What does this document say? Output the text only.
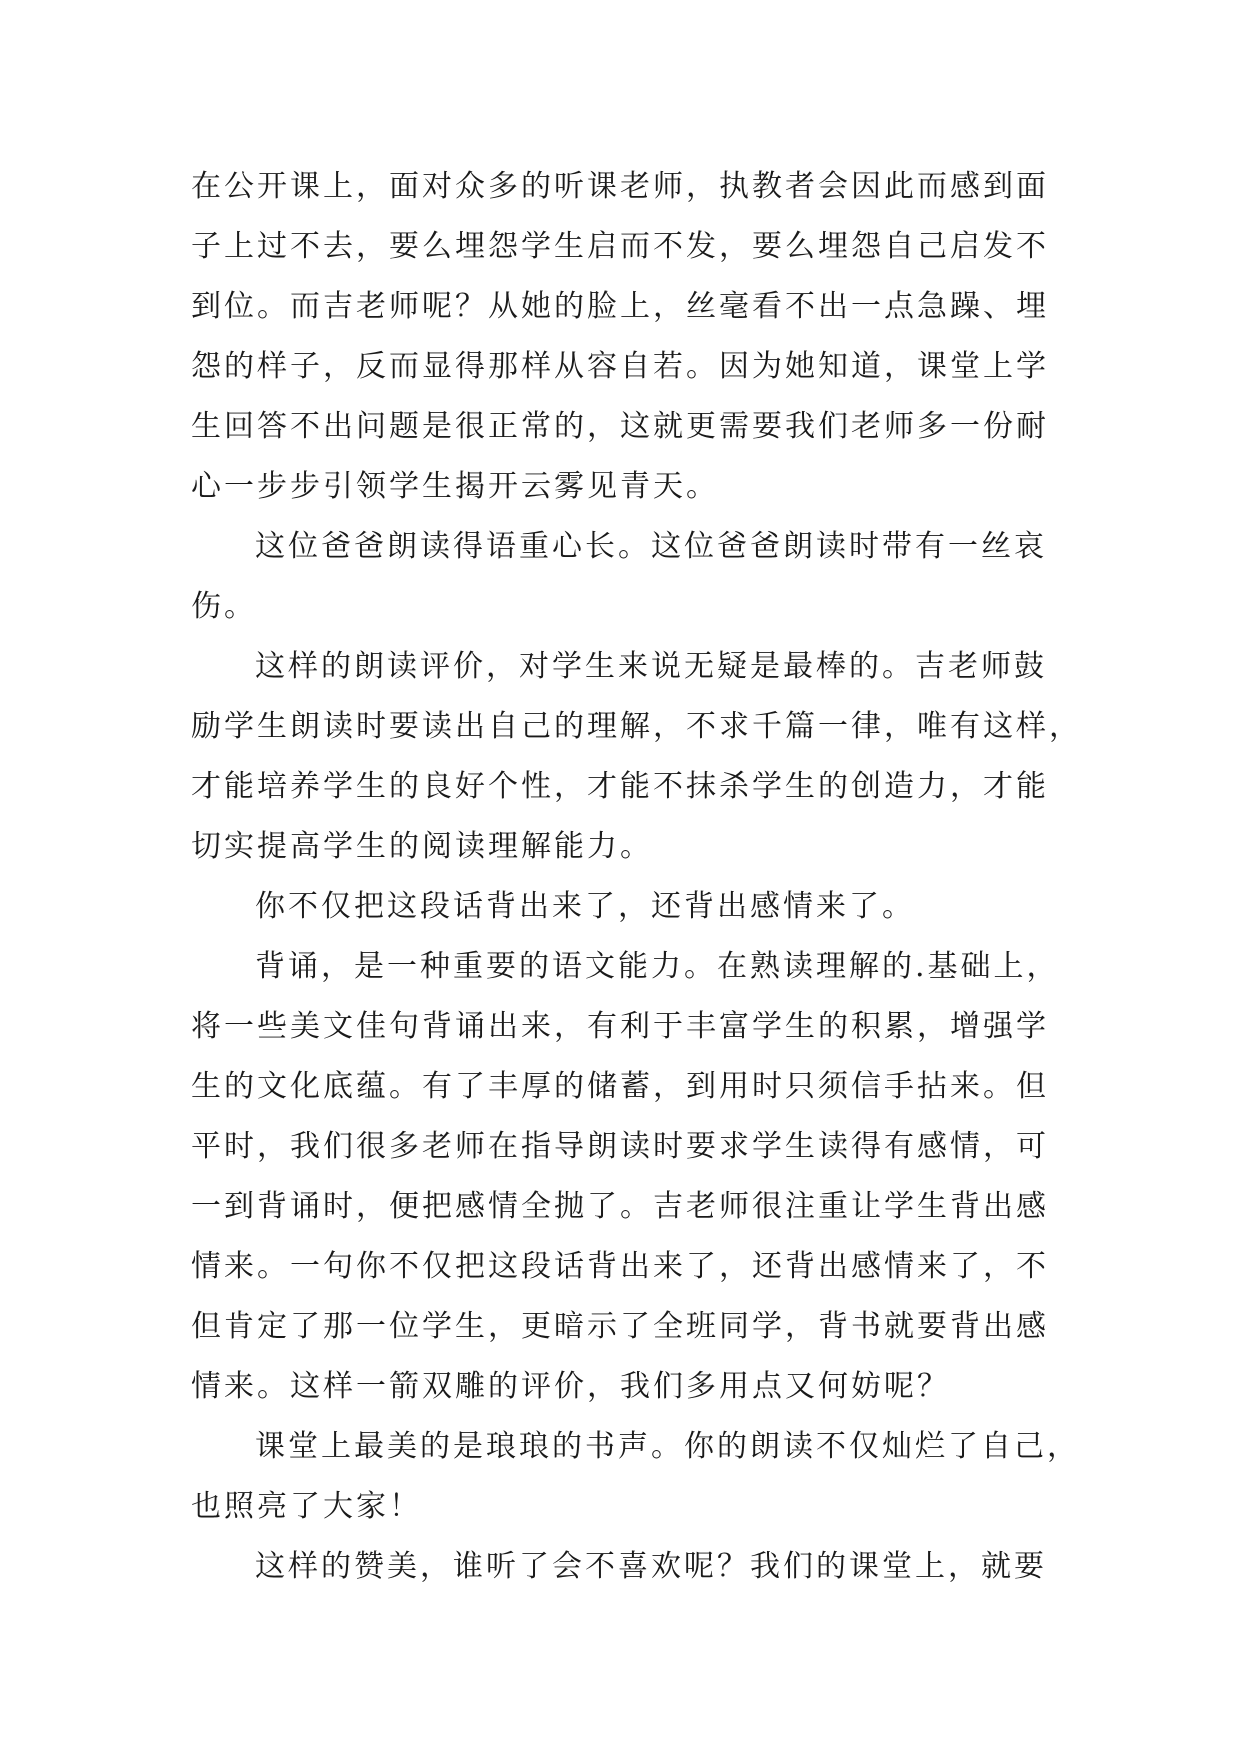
在公开课上，面对众多的听课老师，执教者会因此而感到面
子上过不去，要么埋怨学生启而不发，要么埋怨自己启发不
到位。而吉老师呢？从她的脸上，丝毫看不出一点急躁、埋
怨的样子，反而显得那样从容自若。因为她知道，课堂上学
生回答不出问题是很正常的，这就更需要我们老师多一份耐
心一步步引领学生揭开云雾见青天。
这位爸爸朗读得语重心长。这位爸爸朗读时带有一丝哀
伤。
这样的朗读评价，对学生来说无疑是最棒的。吉老师鼓
励学生朗读时要读出自己的理解，不求千篇一律，唯有这样，
才能培养学生的良好个性，才能不抹杀学生的创造力，才能
切实提高学生的阅读理解能力。
你不仅把这段话背出来了，还背出感情来了。
背诵，是一种重要的语文能力。在熟读理解的.基础上，
将一些美文佳句背诵出来，有利于丰富学生的积累，增强学
生的文化底蕴。有了丰厚的储蓄，到用时只须信手拈来。但
平时，我们很多老师在指导朗读时要求学生读得有感情，可
一到背诵时，便把感情全抛了。吉老师很注重让学生背出感
情来。一句你不仅把这段话背出来了，还背出感情来了，不
但肯定了那一位学生，更暗示了全班同学，背书就要背出感
情来。这样一箭双雕的评价，我们多用点又何妨呢？
课堂上最美的是琅琅的书声。你的朗读不仅灿烂了自己，
也照亮了大家！
这样的赞美，谁听了会不喜欢呢？我们的课堂上，就要
